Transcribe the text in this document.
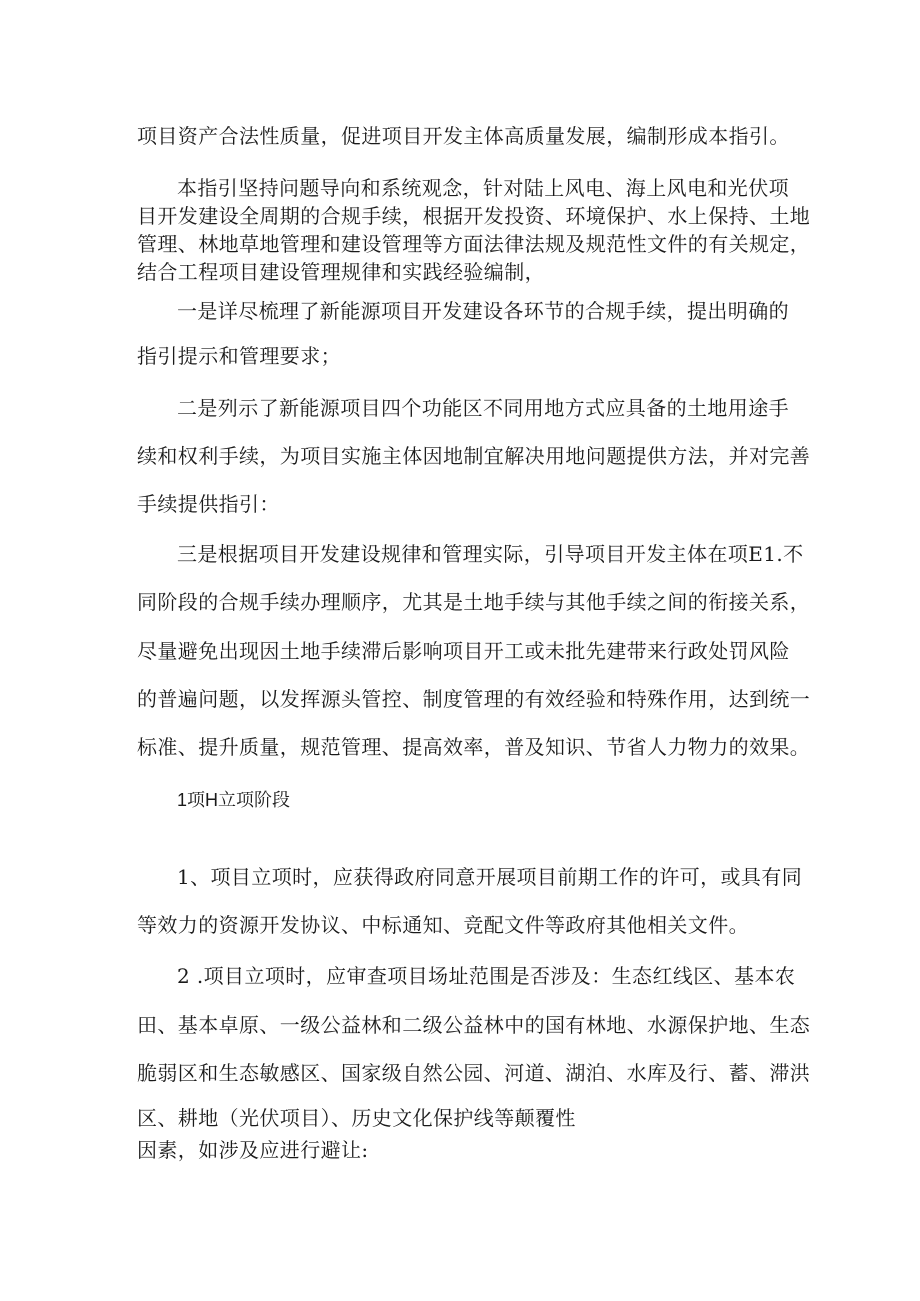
项目资产合法性质量，促进项目开发主体高质量发展，编制形成本指引。
本指引坚持问题导向和系统观念，针对陆上风电、海上风电和光伏项
目开发建设全周期的合规手续，根据开发投资、环境保护、水上保持、土地
管理、林地草地管理和建设管理等方面法律法规及规范性文件的有关规定，
结合工程项目建设管理规律和实践经验编制，
一是详尽梳理了新能源项目开发建设各环节的合规手续，提出明确的
指引提示和管理要求；
二是列示了新能源项目四个功能区不同用地方式应具备的土地用途手
续和权利手续，为项目实施主体因地制宜解决用地问题提供方法，并对完善
手续提供指引：
三是根据项目开发建设规律和管理实际，引导项目开发主体在项E1.不
同阶段的合规手续办理顺序，尤其是土地手续与其他手续之间的衔接关系，
尽量避免出现因土地手续滞后影响项目开工或未批先建带来行政处罚风险
的普遍问题，以发挥源头管控、制度管理的有效经验和特殊作用，达到统一
标准、提升质量，规范管理、提高效率，普及知识、节省人力物力的效果。
1项H立项阶段
1、项目立项时，应获得政府同意开展项目前期工作的许可，或具有同
等效力的资源开发协议、中标通知、竞配文件等政府其他相关文件。
2 .项目立项时，应审查项目场址范围是否涉及：生态红线区、基本农
田、基本卓原、一级公益林和二级公益林中的国有林地、水源保护地、生态
脆弱区和生态敏感区、国家级自然公园、河道、湖泊、水库及行、蓄、滞洪
区、耕地（光伏项目）、历史文化保护线等颠覆性
因素，如涉及应进行避让:
